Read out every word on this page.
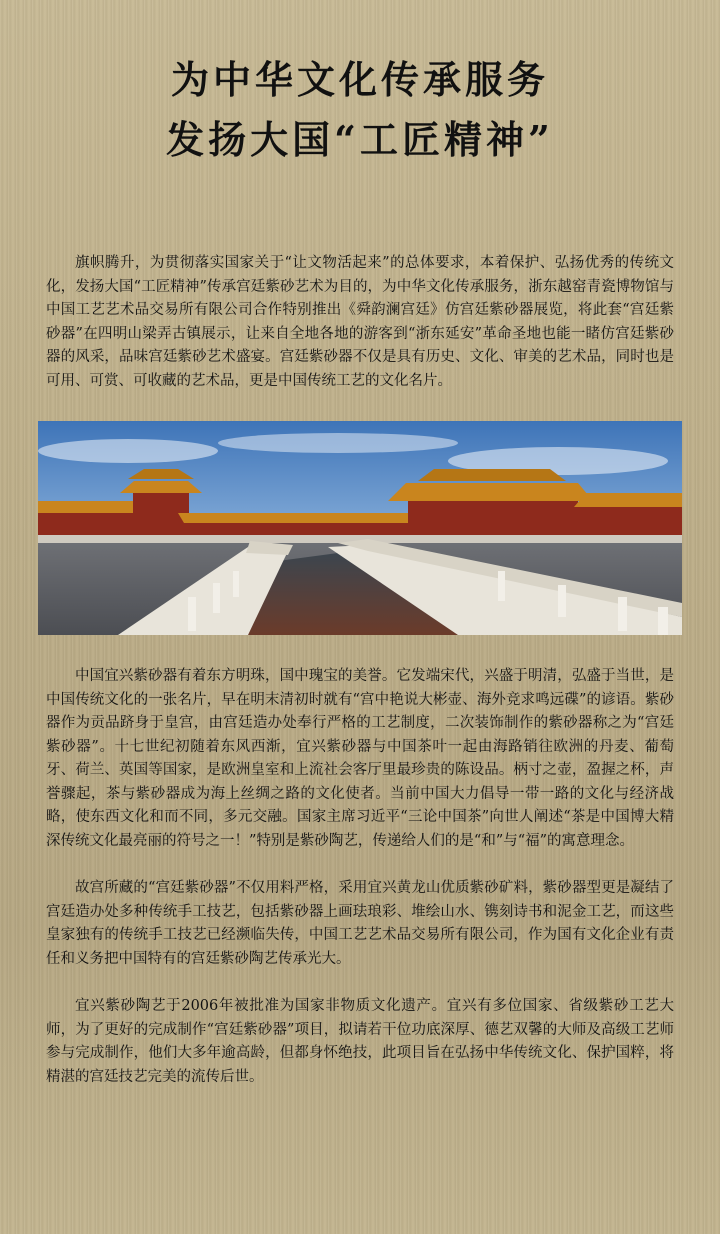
为中华文化传承服务
发扬大国“工匠精神”

旗帜腾升，为贯彻落实国家关于“让文物活起来”的总体要求，本着保护、弘扬优秀的传统文化，发扬大国“工匠精神”传承宫廷紫砂艺术为目的，为中华文化传承服务，浙东越窑青瓷博物馆与中国工艺艺术品交易所有限公司合作特别推出《舜韵澜宫廷》仿宫廷紫砂器展览，将此套“宫廷紫砂器”在四明山梁弄古镇展示，让来自全地各地的游客到“浙东延安”革命圣地也能一睹仿宫廷紫砂器的风采，品味宫廷紫砂艺术盛宴。宫廷紫砂器不仅是具有历史、文化、审美的艺术品，同时也是可用、可赏、可收藏的艺术品，更是中国传统工艺的文化名片。

中国宜兴紫砂器有着东方明珠，国中瑰宝的美誉。它发端宋代，兴盛于明清，弘盛于当世，是中国传统文化的一张名片，早在明末清初时就有“宫中艳说大彬壶、海外竞求鸣远碟”的谚语。紫砂器作为贡品跻身于皇宫，由宫廷造办处奉行严格的工艺制度，二次装饰制作的紫砂器称之为“宫廷紫砂器”。十七世纪初随着东风西渐，宜兴紫砂器与中国茶叶一起由海路销往欧洲的丹麦、葡萄牙、荷兰、英国等国家，是欧洲皇室和上流社会客厅里最珍贵的陈设品。柄寸之壶，盈握之杯，声誉骤起，茶与紫砂器成为海上丝绸之路的文化使者。当前中国大力倡导一带一路的文化与经济战略，使东西文化和而不同，多元交融。国家主席习近平“三论中国茶”向世人阐述“茶是中国博大精深传统文化最亮丽的符号之一！”特别是紫砂陶艺，传递给人们的是“和”与“福”的寓意理念。

故宫所藏的“宫廷紫砂器”不仅用料严格，采用宜兴黄龙山优质紫砂矿料，紫砂器型更是凝结了宫廷造办处多种传统手工技艺，包括紫砂器上画珐琅彩、堆绘山水、镌刻诗书和泥金工艺，而这些皇家独有的传统手工技艺已经濒临失传，中国工艺艺术品交易所有限公司，作为国有文化企业有责任和义务把中国特有的宫廷紫砂陶艺传承光大。

宜兴紫砂陶艺于2006年被批准为国家非物质文化遗产。宜兴有多位国家、省级紫砂工艺大师，为了更好的完成制作“宫廷紫砂器”项目，拟请若干位功底深厚、德艺双馨的大师及高级工艺师参与完成制作，他们大多年逾高龄，但都身怀绝技，此项目旨在弘扬中华传统文化、保护国粹，将精湛的宫廷技艺完美的流传后世。
